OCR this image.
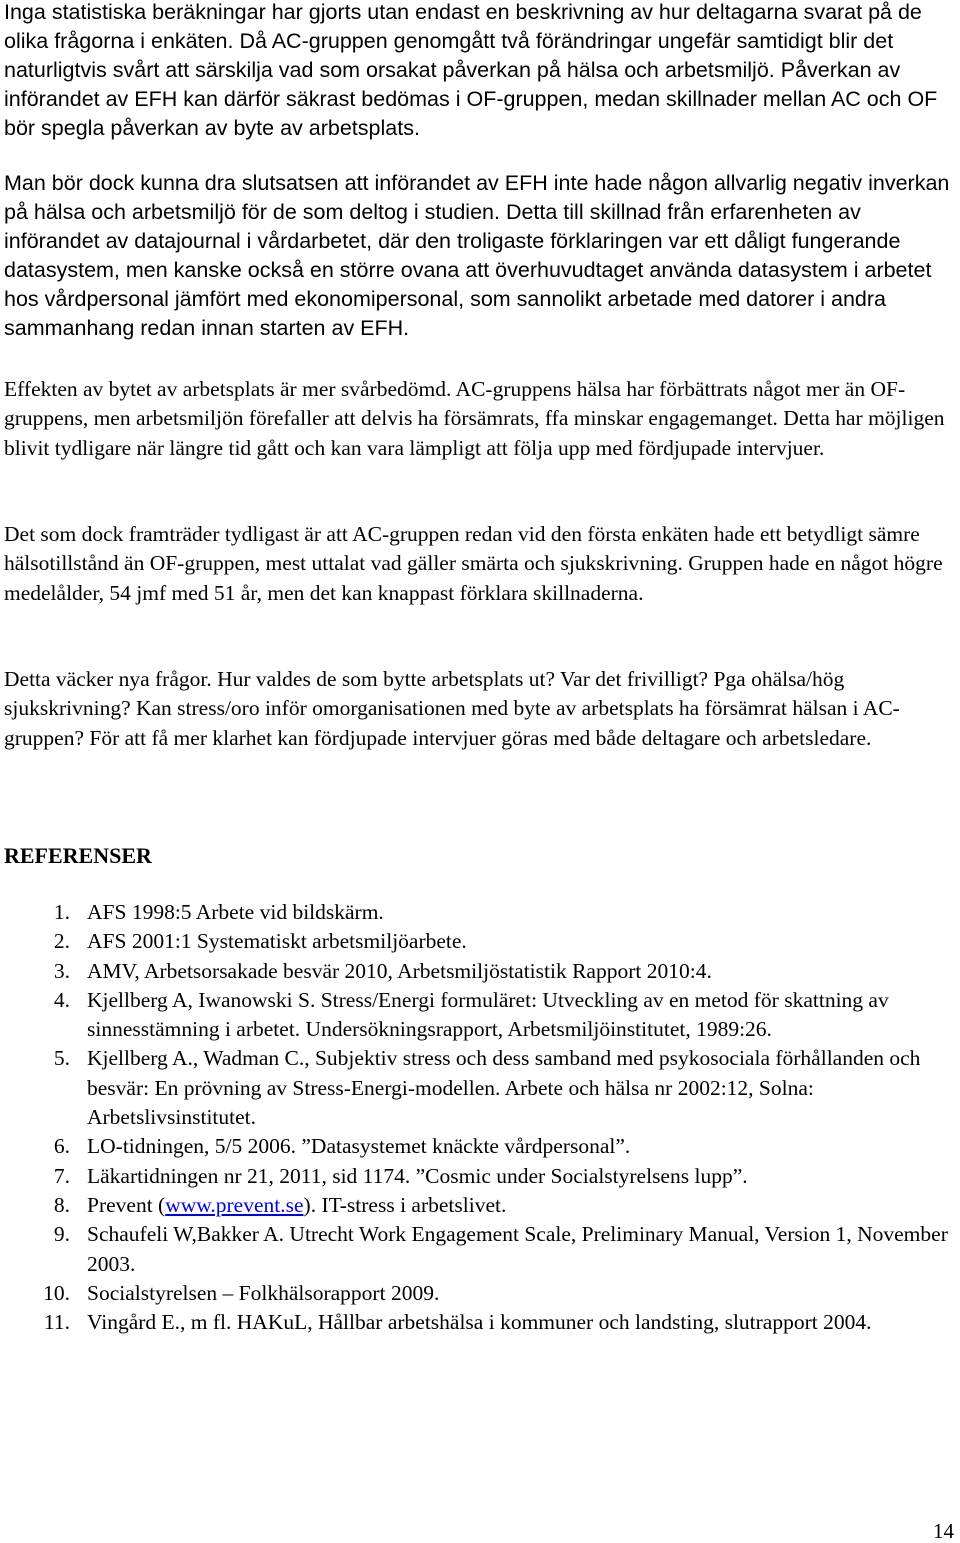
Inga statistiska beräkningar har gjorts utan endast en beskrivning av hur deltagarna svarat på de olika frågorna i enkäten. Då AC-gruppen genomgått två förändringar ungefär samtidigt blir det naturligtvis svårt att särskilja vad som orsakat påverkan på hälsa och arbetsmiljö. Påverkan av införandet av EFH kan därför säkrast bedömas i OF-gruppen, medan skillnader mellan AC och OF bör spegla påverkan av byte av arbetsplats.

Man bör dock kunna dra slutsatsen att införandet av EFH inte hade någon allvarlig negativ inverkan på hälsa och arbetsmiljö för de som deltog i studien. Detta till skillnad från erfarenheten av införandet av datajournal i vårdarbetet, där den troligaste förklaringen var ett dåligt fungerande datasystem, men kanske också en större ovana att överhuvudtaget använda datasystem i arbetet hos vårdpersonal jämfört med ekonomipersonal, som sannolikt arbetade med datorer i andra sammanhang redan innan starten av EFH.

Effekten av bytet av arbetsplats är mer svårbedömd. AC-gruppens hälsa har förbättrats något mer än OF-gruppens, men arbetsmiljön förefaller att delvis ha försämrats, ffa minskar engagemanget. Detta har möjligen blivit tydligare när längre tid gått och kan vara lämpligt att följa upp med fördjupade intervjuer.

Det som dock framträder tydligast är att AC-gruppen redan vid den första enkäten hade ett betydligt sämre hälsotillstånd än OF-gruppen, mest uttalat vad gäller smärta och sjukskrivning. Gruppen hade en något högre medelålder, 54 jmf med 51 år, men det kan knappast förklara skillnaderna.

Detta väcker nya frågor. Hur valdes de som bytte arbetsplats ut? Var det frivilligt? Pga ohälsa/hög sjukskrivning? Kan stress/oro inför omorganisationen med byte av arbetsplats ha försämrat hälsan i AC- gruppen? För att få mer klarhet kan fördjupade intervjuer göras med både deltagare och arbetsledare.

REFERENSER
1. AFS 1998:5 Arbete vid bildskärm.
2. AFS 2001:1 Systematiskt arbetsmiljöarbete.
3. AMV, Arbetsorsakade besvär 2010, Arbetsmiljöstatistik Rapport 2010:4.
4. Kjellberg A, Iwanowski S. Stress/Energi formuläret: Utveckling av en metod för skattning av sinnesstämning i arbetet. Undersökningsrapport, Arbetsmiljöinstitutet, 1989:26.
5. Kjellberg A., Wadman C., Subjektiv stress och dess samband med psykosociala förhållanden och besvär: En prövning av Stress-Energi-modellen. Arbete och hälsa nr 2002:12, Solna: Arbetslivsinstitutet.
6. LO-tidningen, 5/5 2006. ”Datasystemet knäckte vårdpersonal”.
7. Läkartidningen nr 21, 2011, sid 1174. ”Cosmic under Socialstyrelsens lupp”.
8. Prevent (www.prevent.se). IT-stress i arbetslivet.
9. Schaufeli W,Bakker A. Utrecht Work Engagement Scale, Preliminary Manual, Version 1, November 2003.
10. Socialstyrelsen – Folkhälsorapport 2009.
11. Vingård E., m fl. HAKuL, Hållbar arbetshälsa i kommuner och landsting, slutrapport 2004.
14
